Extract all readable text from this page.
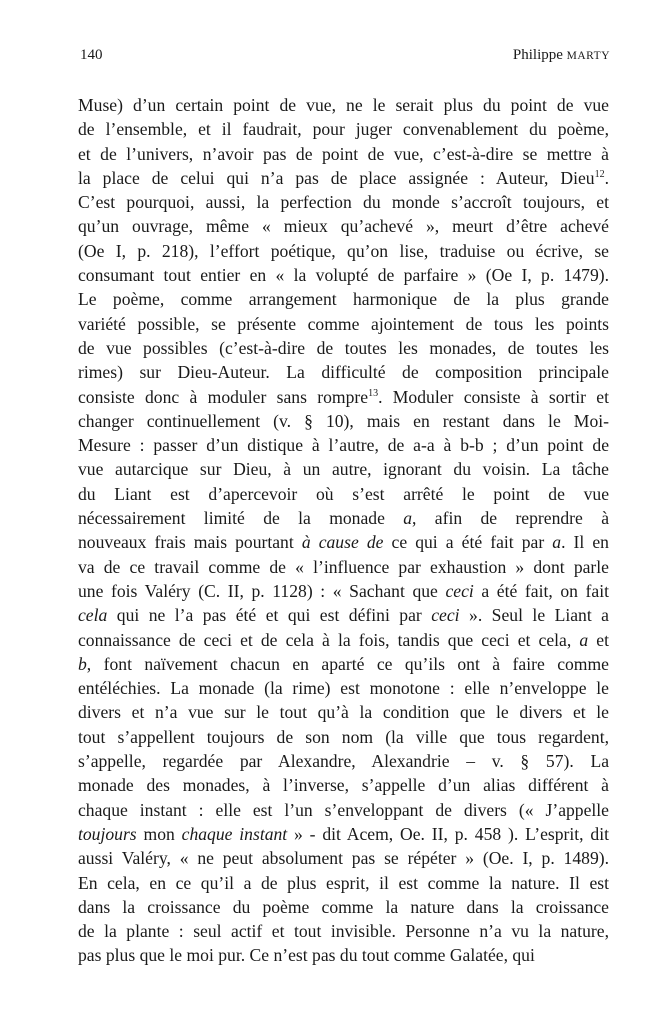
140	Philippe MARTY
Muse) d’un certain point de vue, ne le serait plus du point de vue
de l’ensemble, et il faudrait, pour juger convenablement du poème,
et de l’univers, n’avoir pas de point de vue, c’est-à-dire se mettre à
la place de celui qui n’a pas de place assignée : Auteur, Dieu$^{12}$.
C’est pourquoi, aussi, la perfection du monde s’accroît toujours, et
qu’un ouvrage, même « mieux qu’achevé », meurt d’être achevé
(Oe I, p. 218), l’effort poétique, qu’on lise, traduise ou écrive, se
consumant tout entier en « la volupté de parfaire » (Oe I, p. 1479).
Le poème, comme arrangement harmonique de la plus grande
variété possible, se présente comme ajointement de tous les points
de vue possibles (c’est-à-dire de toutes les monades, de toutes les
rimes) sur Dieu-Auteur. La difficulté de composition principale
consiste donc à moduler sans rompre$^{13}$. Moduler consiste à sortir et
changer continuellement (v. § 10), mais en restant dans le Moi-
Mesure : passer d’un distique à l’autre, de a-a à b-b ; d’un point de
vue autarcique sur Dieu, à un autre, ignorant du voisin. La tâche
du Liant est d’apercevoir où s’est arrêté le point de vue
nécessairement limité de la monade a, afin de reprendre à
nouveaux frais mais pourtant à cause de ce qui a été fait par a. Il en
va de ce travail comme de « l’influence par exhaustion » dont parle
une fois Valéry (C. II, p. 1128) : « Sachant que ceci a été fait, on fait
cela qui ne l’a pas été et qui est défini par ceci ». Seul le Liant a
connaissance de ceci et de cela à la fois, tandis que ceci et cela, a et
b, font naïvement chacun en aparté ce qu’ils ont à faire comme
entéléchies. La monade (la rime) est monotone : elle n’enveloppe le
divers et n’a vue sur le tout qu’à la condition que le divers et le
tout s’appellent toujours de son nom (la ville que tous regardent,
s’appelle, regardée par Alexandre, Alexandrie – v. § 57). La
monade des monades, à l’inverse, s’appelle d’un alias différent à
chaque instant : elle est l’un s’enveloppant de divers (« J’appelle
toujours mon chaque instant » - dit Acem, Oe. II, p. 458 ). L’esprit, dit
aussi Valéry, « ne peut absolument pas se répéter » (Oe. I, p. 1489).
En cela, en ce qu’il a de plus esprit, il est comme la nature. Il est
dans la croissance du poème comme la nature dans la croissance
de la plante : seul actif et tout invisible. Personne n’a vu la nature,
pas plus que le moi pur. Ce n’est pas du tout comme Galatée, qui
